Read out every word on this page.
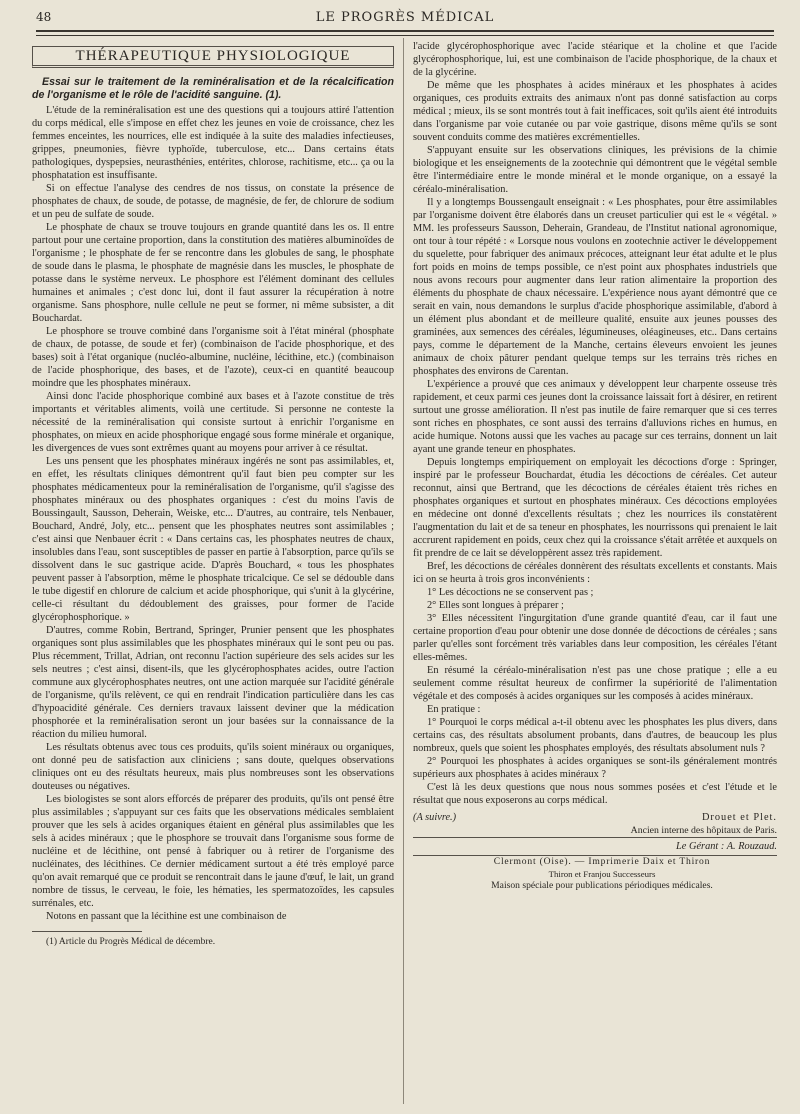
48	LE PROGRÈS MÉDICAL
THÉRAPEUTIQUE PHYSIOLOGIQUE
Essai sur le traitement de la reminéralisation et de la récalcification de l'organisme et le rôle de l'acidité sanguine. (1).

L'étude de la reminéralisation est une des questions qui a toujours attiré l'attention du corps médical, elle s'impose en effet chez les jeunes en voie de croissance, chez les femmes enceintes, les nourrices, elle est indiquée à la suite des maladies infectieuses, grippes, pneumonies, fièvre typhoïde, tuberculose, etc... Dans certains états pathologiques, dyspepsies, neurasthénies, entérites, chlorose, rachitisme, etc... ça ou la phosphatation est insuffisante.

Si on effectue l'analyse des cendres de nos tissus, on constate la présence de phosphates de chaux, de soude, de potasse, de magnésie, de fer, de chlorure de sodium et un peu de sulfate de soude.

Le phosphate de chaux se trouve toujours en grande quantité dans les os. Il entre partout pour une certaine proportion, dans la constitution des matières albuminoïdes de l'organisme ; le phosphate de fer se rencontre dans les globules de sang, le phosphate de soude dans le plasma, le phosphate de magnésie dans les muscles, le phosphate de potasse dans le système nerveux. Le phosphore est l'élément dominant des cellules humaines et animales ; c'est donc lui, dont il faut assurer la récupération à notre organisme. Sans phosphore, nulle cellule ne peut se former, ni même subsister, a dit Bouchardat.

Le phosphore se trouve combiné dans l'organisme soit à l'état minéral (phosphate de chaux, de potasse, de soude et fer) (combinaison de l'acide phosphorique, et des bases) soit à l'état organique (nucléo-albumine, nucléine, lécithine, etc.) (combinaison de l'acide phosphorique, des bases, et de l'azote), ceux-ci en quantité beaucoup moindre que les phosphates minéraux.

Ainsi donc l'acide phosphorique combiné aux bases et à l'azote constitue de très importants et véritables aliments, voilà une certitude. Si personne ne conteste la nécessité de la reminéralisation qui consiste surtout à enrichir l'organisme en phosphates, on mieux en acide phosphorique engagé sous forme minérale et organique, les divergences de vues sont extrêmes quant au moyens pour arriver à ce résultat.

Les uns pensent que les phosphates minéraux ingérés ne sont pas assimilables, et, en effet, les résultats cliniques démontrent qu'il faut bien peu compter sur les phosphates médicamenteux pour la reminéralisation de l'organisme, qu'il s'agisse des phosphates minéraux ou des phosphates organiques : c'est du moins l'avis de Boussingault, Sausson, Deherain, Weiske, etc... D'autres, au contraire, tels Nenbauer, Bouchard, André, Joly, etc... pensent que les phosphates neutres sont assimilables ; c'est ainsi que Nenbauer écrit : « Dans certains cas, les phosphates neutres de chaux, insolubles dans l'eau, sont susceptibles de passer en partie à l'absorption, parce qu'ils se dissolvent dans le suc gastrique acide. D'après Bouchard, « tous les phosphates peuvent passer à l'absorption, même le phosphate tricalcique. Ce sel se dédouble dans le tube digestif en chlorure de calcium et acide phosphorique, qui s'unit à la glycérine, celle-ci résultant du dédoublement des graisses, pour former de l'acide glycérophosphorique. »

D'autres, comme Robin, Bertrand, Springer, Prunier pensent que les phosphates organiques sont plus assimilables que les phosphates minéraux qui le sont peu ou pas. Plus récemment, Trillat, Adrian, ont reconnu l'action supérieure des sels acides sur les sels neutres ; c'est ainsi, disent-ils, que les glycérophosphates acides, outre l'action commune aux glycérophosphates neutres, ont une action marquée sur l'acidité générale de l'organisme, qu'ils relèvent, ce qui en rendrait l'indication particulière dans les cas d'hypoacidité générale. Ces derniers travaux laissent deviner que la médication phosphorée et la reminéralisation seront un jour basées sur la connaissance de la réaction du milieu humoral.

Les résultats obtenus avec tous ces produits, qu'ils soient minéraux ou organiques, ont donné peu de satisfaction aux cliniciens ; sans doute, quelques observations cliniques ont eu des résultats heureux, mais plus nombreuses sont les observations douteuses ou négatives.

Les biologistes se sont alors efforcés de préparer des produits, qu'ils ont pensé être plus assimilables ; s'appuyant sur ces faits que les observations médicales semblaient prouver que les sels à acides organiques étaient en général plus assimilables que les sels à acides minéraux ; que le phosphore se trouvait dans l'organisme sous forme de nucléine et de lécithine, ont pensé à fabriquer ou à retirer de l'organisme des nucléinates, des lécithines. Ce dernier médicament surtout a été très employé parce qu'on avait remarqué que ce produit se rencontrait dans le jaune d'œuf, le lait, un grand nombre de tissus, le cerveau, le foie, les hématies, les spermatozoïdes, les capsules surrénales, etc.

Notons en passant que la lécithine est une combinaison de

(1) Article du Progrès Médical de décembre.

l'acide glycérophosphorique avec l'acide stéarique et la choline et que l'acide glycérophosphorique, lui, est une combinaison de l'acide phosphorique, de la chaux et de la glycérine.

De même que les phosphates à acides minéraux et les phosphates à acides organiques, ces produits extraits des animaux n'ont pas donné satisfaction au corps médical ; mieux, ils se sont montrés tout à fait inefficaces, soit qu'ils aient été introduits dans l'organisme par voie cutanée ou par voie gastrique, disons même qu'ils se sont souvent conduits comme des matières excrémentielles.

S'appuyant ensuite sur les observations cliniques, les prévisions de la chimie biologique et les enseignements de la zootechnie qui démontrent que le végétal semble être l'intermédiaire entre le monde minéral et le monde organique, on a essayé la céréalo-minéralisation.

Il y a longtemps Boussengault enseignait : « Les phosphates, pour être assimilables par l'organisme doivent être élaborés dans un creuset particulier qui est le « végétal. » MM. les professeurs Sausson, Deherain, Grandeau, de l'Institut national agronomique, ont tour à tour répété : « Lorsque nous voulons en zootechnie activer le développement du squelette, pour fabriquer des animaux précoces, atteignant leur état adulte et le plus fort poids en moins de temps possible, ce n'est point aux phosphates industriels que nous avons recours pour augmenter dans leur ration alimentaire la proportion des éléments du phosphate de chaux nécessaire. L'expérience nous ayant démontré que ce serait en vain, nous demandons le surplus d'acide phosphorique assimilable, d'abord à un élément plus abondant et de meilleure qualité, ensuite aux jeunes pousses des graminées, aux semences des céréales, légumineuses, oléagineuses, etc.. Dans certains pays, comme le département de la Manche, certains éleveurs envoient les jeunes animaux de choix pâturer pendant quelque temps sur les terrains très riches en phosphates des environs de Carentan.

L'expérience a prouvé que ces animaux y développent leur charpente osseuse très rapidement, et ceux parmi ces jeunes dont la croissance laissait fort à désirer, en retirent surtout une grosse amélioration. Il n'est pas inutile de faire remarquer que si ces terres sont riches en phosphates, ce sont aussi des terrains d'alluvions riches en humus, en acide humique. Notons aussi que les vaches au pacage sur ces terrains, donnent un lait ayant une grande teneur en phosphates.

Depuis longtemps empiriquement on employait les décoctions d'orge : Springer, inspiré par le professeur Bouchardat, étudia les décoctions de céréales. Cet auteur reconnut, ainsi que Bertrand, que les décoctions de céréales étaient très riches en phosphates organiques et surtout en phosphates minéraux. Ces décoctions employées en médecine ont donné d'excellents résultats ; chez les nourrices ils constatèrent l'augmentation du lait et de sa teneur en phosphates, les nourrissons qui prenaient le lait accrurent rapidement en poids, ceux chez qui la croissance s'était arrêtée et auxquels on fit prendre de ce lait se développèrent assez très rapidement.

Bref, les décoctions de céréales donnèrent des résultats excellents et constants. Mais ici on se heurta à trois gros inconvénients :

1° Les décoctions ne se conservent pas ;

2° Elles sont longues à préparer ;

3° Elles nécessitent l'ingurgitation d'une grande quantité d'eau, car il faut une certaine proportion d'eau pour obtenir une dose donnée de décoctions de céréales ; sans parler qu'elles sont forcément très variables dans leur composition, les céréales l'étant elles-mêmes.

En résumé la céréalo-minéralisation n'est pas une chose pratique ; elle a eu seulement comme résultat heureux de confirmer la supériorité de l'alimentation végétale et des composés à acides organiques sur les composés à acides minéraux.

En pratique :

1° Pourquoi le corps médical a-t-il obtenu avec les phosphates les plus divers, dans certains cas, des résultats absolument probants, dans d'autres, de beaucoup les plus nombreux, quels que soient les phosphates employés, des résultats absolument nuls ?

2° Pourquoi les phosphates à acides organiques se sont-ils généralement montrés supérieurs aux phosphates à acides minéraux ?

C'est là les deux questions que nous nous sommes posées et c'est l'étude et le résultat que nous exposerons au corps médical.

(A suivre.)	Drouet et Plet.

Ancien interne des hôpitaux de Paris.

Le Gérant : A. Rouzaud.

Clermont (Oise). — Imprimerie Daix et Thiron

Thiron et Franjou Successeurs

Maison spéciale pour publications périodiques médicales.
